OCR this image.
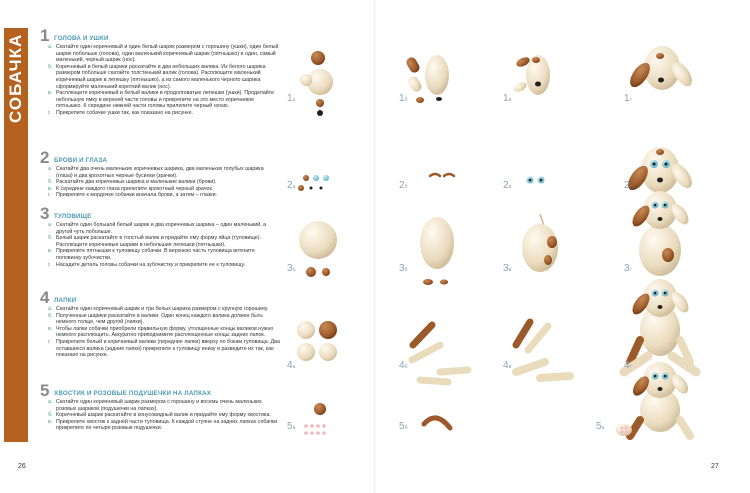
СОБАЧКА 1 ГОЛОВА И УШКИ
а. Скатайте один коричневый и один белый шарик размером с горошину (ушки), один белый шарик побольше (голова), один маленький коричневый шарик (пятнышко) и один, самый маленький, черный шарик (нос).
б. Коричневый и белый шарики раскатайте в два небольших валика. Из белого шарика размером побольше скатайте толстенький валик (голова). Расплющите маленький коричневый шарик в лепешку (пятнышко), а из самого маленького черного шарика сформируйте маленький короткий валик (нос).
в. Расплющите коричневый и белый валики в продолговатые лепешки (ушки). Проделайте небольшую ямку в верхней части головы и прикрепите на это место коричневое пятнышко. К середине нижней части головы прилепите черный носик.
г. Прикрепите собачке ушки так, как показано на рисунке.
2 БРОВИ И ГЛАЗА
а. Скатайте два очень маленьких коричневых шарика, два маленьких голубых шарика (глаза) и два крохотных черные бусинки (зрачки).
б. Раскатайте два коричневых шарика в маленькие валики (брови).
в. К середине каждого глаза прилепите крохотный черный зрачок.
г. Прикрепите к мордочке собачки вначала брови, а затем – глазки.
3 ТУЛОВИЩЕ
а. Скатайте один большой белый шарик и два коричневых шарика – один маленький, а другой чуть побольше.
б. Белый шарик раскатайте в толстый валик и придайте ему форму яйца (туловище). Расплющите коричневые шарики в небольшие лепешки (пятнышки).
в. Прикрепите пятнышки к туловищу собачки. В верхнюю часть туловища воткните половинку зубочистки.
г. Насадите деталь головы собачки на зубочистку и прикрепите ее к туловищу.
4 ЛАПКИ
а. Скатайте один коричневый шарик и три белых шарика размером с крупную горошину.
б. Полученные шарики раскатайте в валики. Один конец каждого валика должен быть немного толще, чем другой (лапки).
в. Чтобы лапки собачки приобрели правильную форму, утолщенные концы валиков нужно немного расплющить. Аккуратно приподнимите расплющенные концы задних лапок.
г. Прикрепите белый и коричневый валики (передние лапки) вверху по бокам туловища. Два оставшихся валика (задние лапки) прикрепите к туловищу внизу и разведите их так, как показано на рисунке.
5 ХВОСТИК И РОЗОВЫЕ ПОДУШЕЧКИ НА ЛАПКАХ
а. Скатайте один коричневый шарик размером с горошину и восемь очень маленьких розовых шариков (подушечки на лапках).
б. Коричневый шарик раскатайте в конусовидный валик и придайте ему форму хвостика.
в. Прикрепите хвостик к задней части туловища. К каждой ступне на задних лапках собачки прикрепите по четыре розовые подушечки.
26	27
1а	1б	1в	1г
2а	2б	2в	2г
3а	3б	3в	3г
4а	4б	4в	4г
5а	5б	5в
